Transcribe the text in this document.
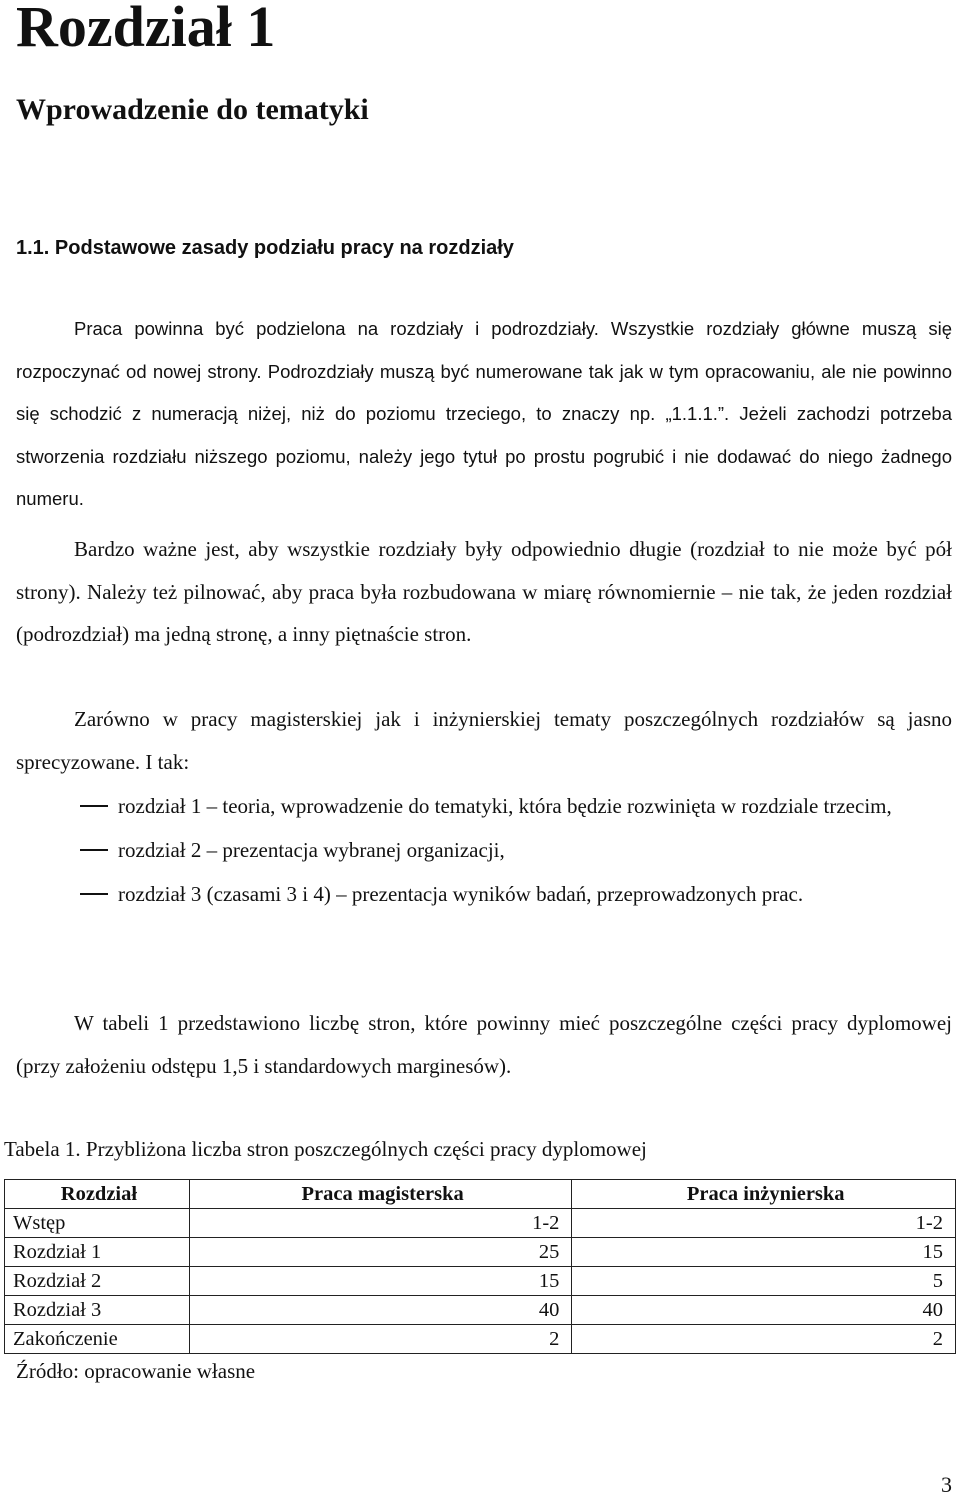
Rozdział 1
Wprowadzenie do tematyki
1.1. Podstawowe zasady podziału pracy na rozdziały

Praca powinna być podzielona na rozdziały i podrozdziały. Wszystkie rozdziały główne muszą się rozpoczynać od nowej strony. Podrozdziały muszą być numerowane tak jak w tym opracowaniu, ale nie powinno się schodzić z numeracją niżej, niż do poziomu trzeciego, to znaczy np. „1.1.1.”. Jeżeli zachodzi potrzeba stworzenia rozdziału niższego poziomu, należy jego tytuł po prostu pogrubić i nie dodawać do niego żadnego numeru.

Bardzo ważne jest, aby wszystkie rozdziały były odpowiednio długie (rozdział to nie może być pół strony). Należy też pilnować, aby praca była rozbudowana w miarę równomiernie – nie tak, że jeden rozdział (podrozdział) ma jedną stronę, a inny piętnaście stron.

Zarówno w pracy magisterskiej jak i inżynierskiej tematy poszczególnych rozdziałów są jasno sprecyzowane. I tak:

rozdział 1 – teoria, wprowadzenie do tematyki, która będzie rozwinięta w rozdziale trzecim,
rozdział 2 – prezentacja wybranej organizacji,
rozdział 3 (czasami 3 i 4) – prezentacja wyników badań, przeprowadzonych prac.

W tabeli 1 przedstawiono liczbę stron, które powinny mieć poszczególne części pracy dyplomowej (przy założeniu odstępu 1,5 i standardowych marginesów).

Tabela 1. Przybliżona liczba stron poszczególnych części pracy dyplomowej

Rozdział	Praca magisterska	Praca inżynierska
Wstęp	1-2	1-2
Rozdział 1	25	15
Rozdział 2	15	5
Rozdział 3	40	40
Zakończenie	2	2

Źródło: opracowanie własne

3
